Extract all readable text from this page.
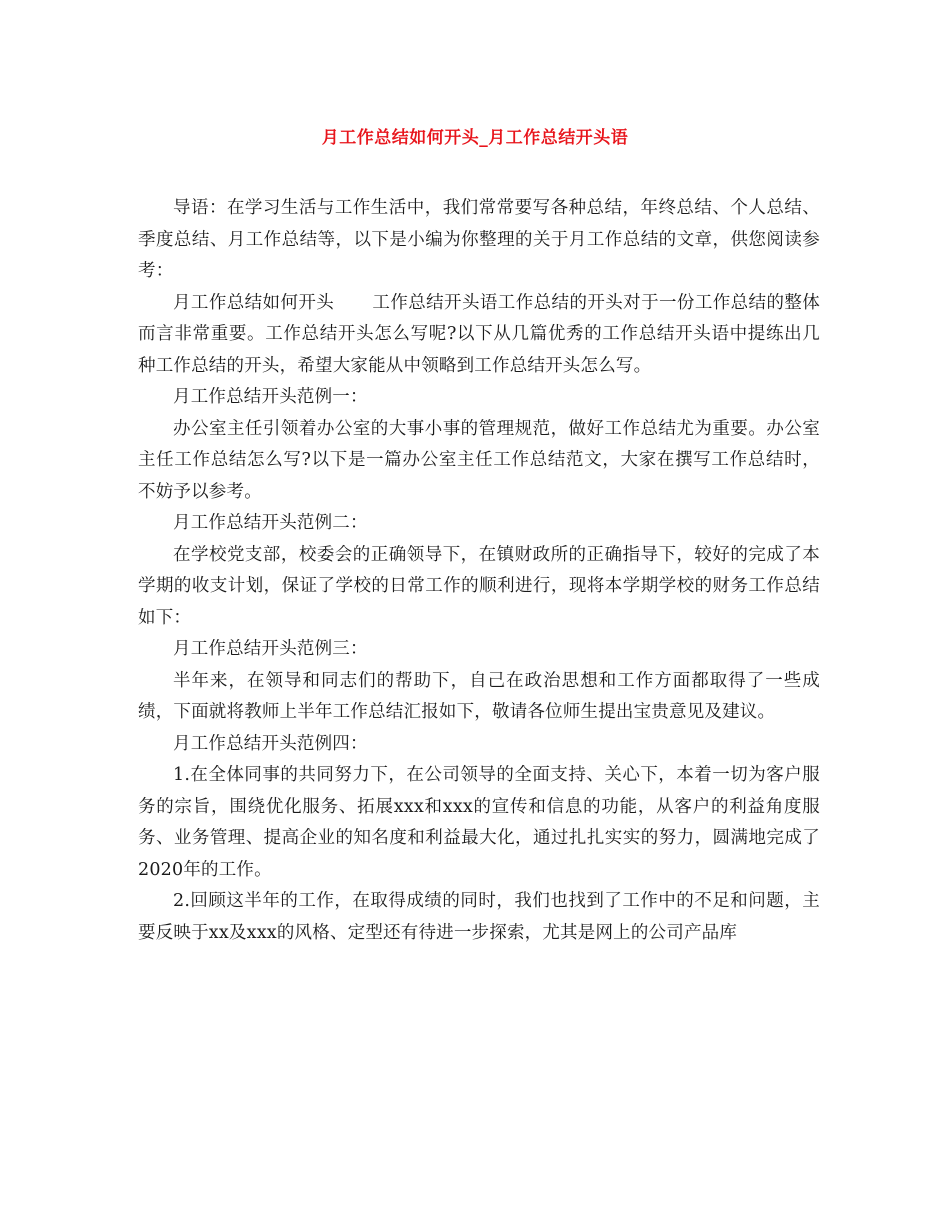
月工作总结如何开头_月工作总结开头语

导语：在学习生活与工作生活中，我们常常要写各种总结，年终总结、个人总结、季度总结、月工作总结等，以下是小编为你整理的关于月工作总结的文章，供您阅读参考：

月工作总结如何开头 工作总结开头语工作总结的开头对于一份工作总结的整体而言非常重要。工作总结开头怎么写呢?以下从几篇优秀的工作总结开头语中提练出几种工作总结的开头，希望大家能从中领略到工作总结开头怎么写。

月工作总结开头范例一：

办公室主任引领着办公室的大事小事的管理规范，做好工作总结尤为重要。办公室主任工作总结怎么写?以下是一篇办公室主任工作总结范文，大家在撰写工作总结时，不妨予以参考。

月工作总结开头范例二：

在学校党支部，校委会的正确领导下，在镇财政所的正确指导下，较好的完成了本学期的收支计划，保证了学校的日常工作的顺利进行，现将本学期学校的财务工作总结如下：

月工作总结开头范例三：

半年来，在领导和同志们的帮助下，自己在政治思想和工作方面都取得了一些成绩，下面就将教师上半年工作总结汇报如下，敬请各位师生提出宝贵意见及建议。

月工作总结开头范例四：

1.在全体同事的共同努力下，在公司领导的全面支持、关心下，本着一切为客户服务的宗旨，围绕优化服务、拓展xxx和xxx的宣传和信息的功能，从客户的利益角度服务、业务管理、提高企业的知名度和利益最大化，通过扎扎实实的努力，圆满地完成了2020年的工作。

2.回顾这半年的工作，在取得成绩的同时，我们也找到了工作中的不足和问题，主要反映于xx及xxx的风格、定型还有待进一步探索，尤其是网上的公司产品库
